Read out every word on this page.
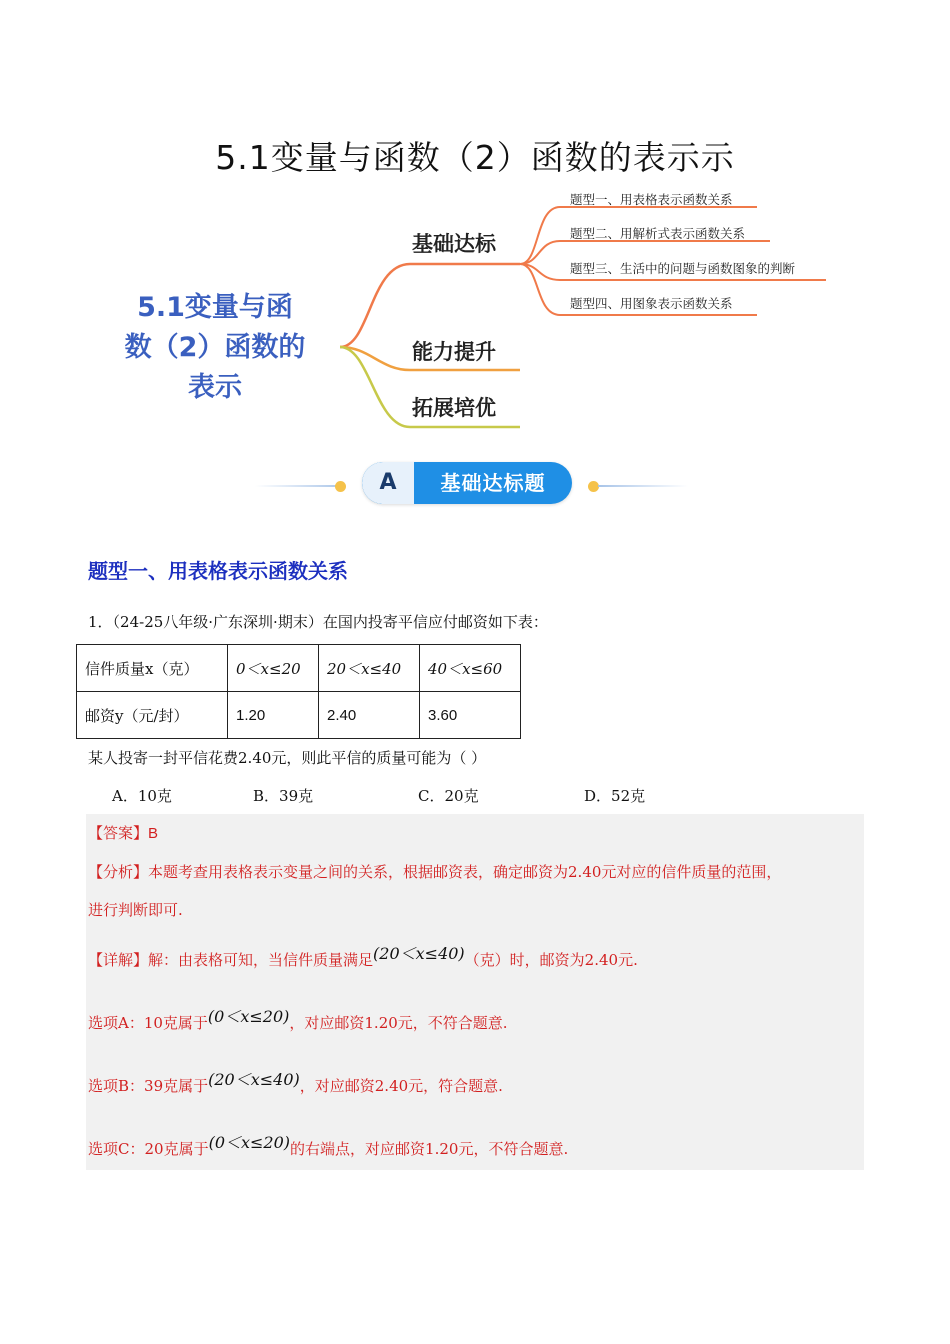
5.1变量与函数（2）函数的表示示
5.1变量与函
数（2）函数的
表示
基础达标
能力提升
拓展培优
题型一、用表格表示函数关系
题型二、用解析式表示函数关系
题型三、生活中的问题与函数图象的判断
题型四、用图象表示函数关系
A	基础达标题
题型一、用表格表示函数关系
1．（24-25八年级·广东深圳·期末）在国内投寄平信应付邮资如下表：
信件质量x（克）	0＜x≤20	20＜x≤40	40＜x≤60
邮资y（元/封）	1.20	2.40	3.60
某人投寄一封平信花费2.40元，则此平信的质量可能为（ ）
A．10克	B．39克	C．20克	D．52克
【答案】B
【分析】本题考查用表格表示变量之间的关系，根据邮资表，确定邮资为2.40元对应的信件质量的范围，
进行判断即可.
【详解】解：由表格可知，当信件质量满足(20＜x≤40)（克）时，邮资为2.40元.
选项A：10克属于(0＜x≤20)，对应邮资1.20元，不符合题意.
选项B：39克属于(20＜x≤40)，对应邮资2.40元，符合题意.
选项C：20克属于(0＜x≤20)的右端点，对应邮资1.20元，不符合题意.
